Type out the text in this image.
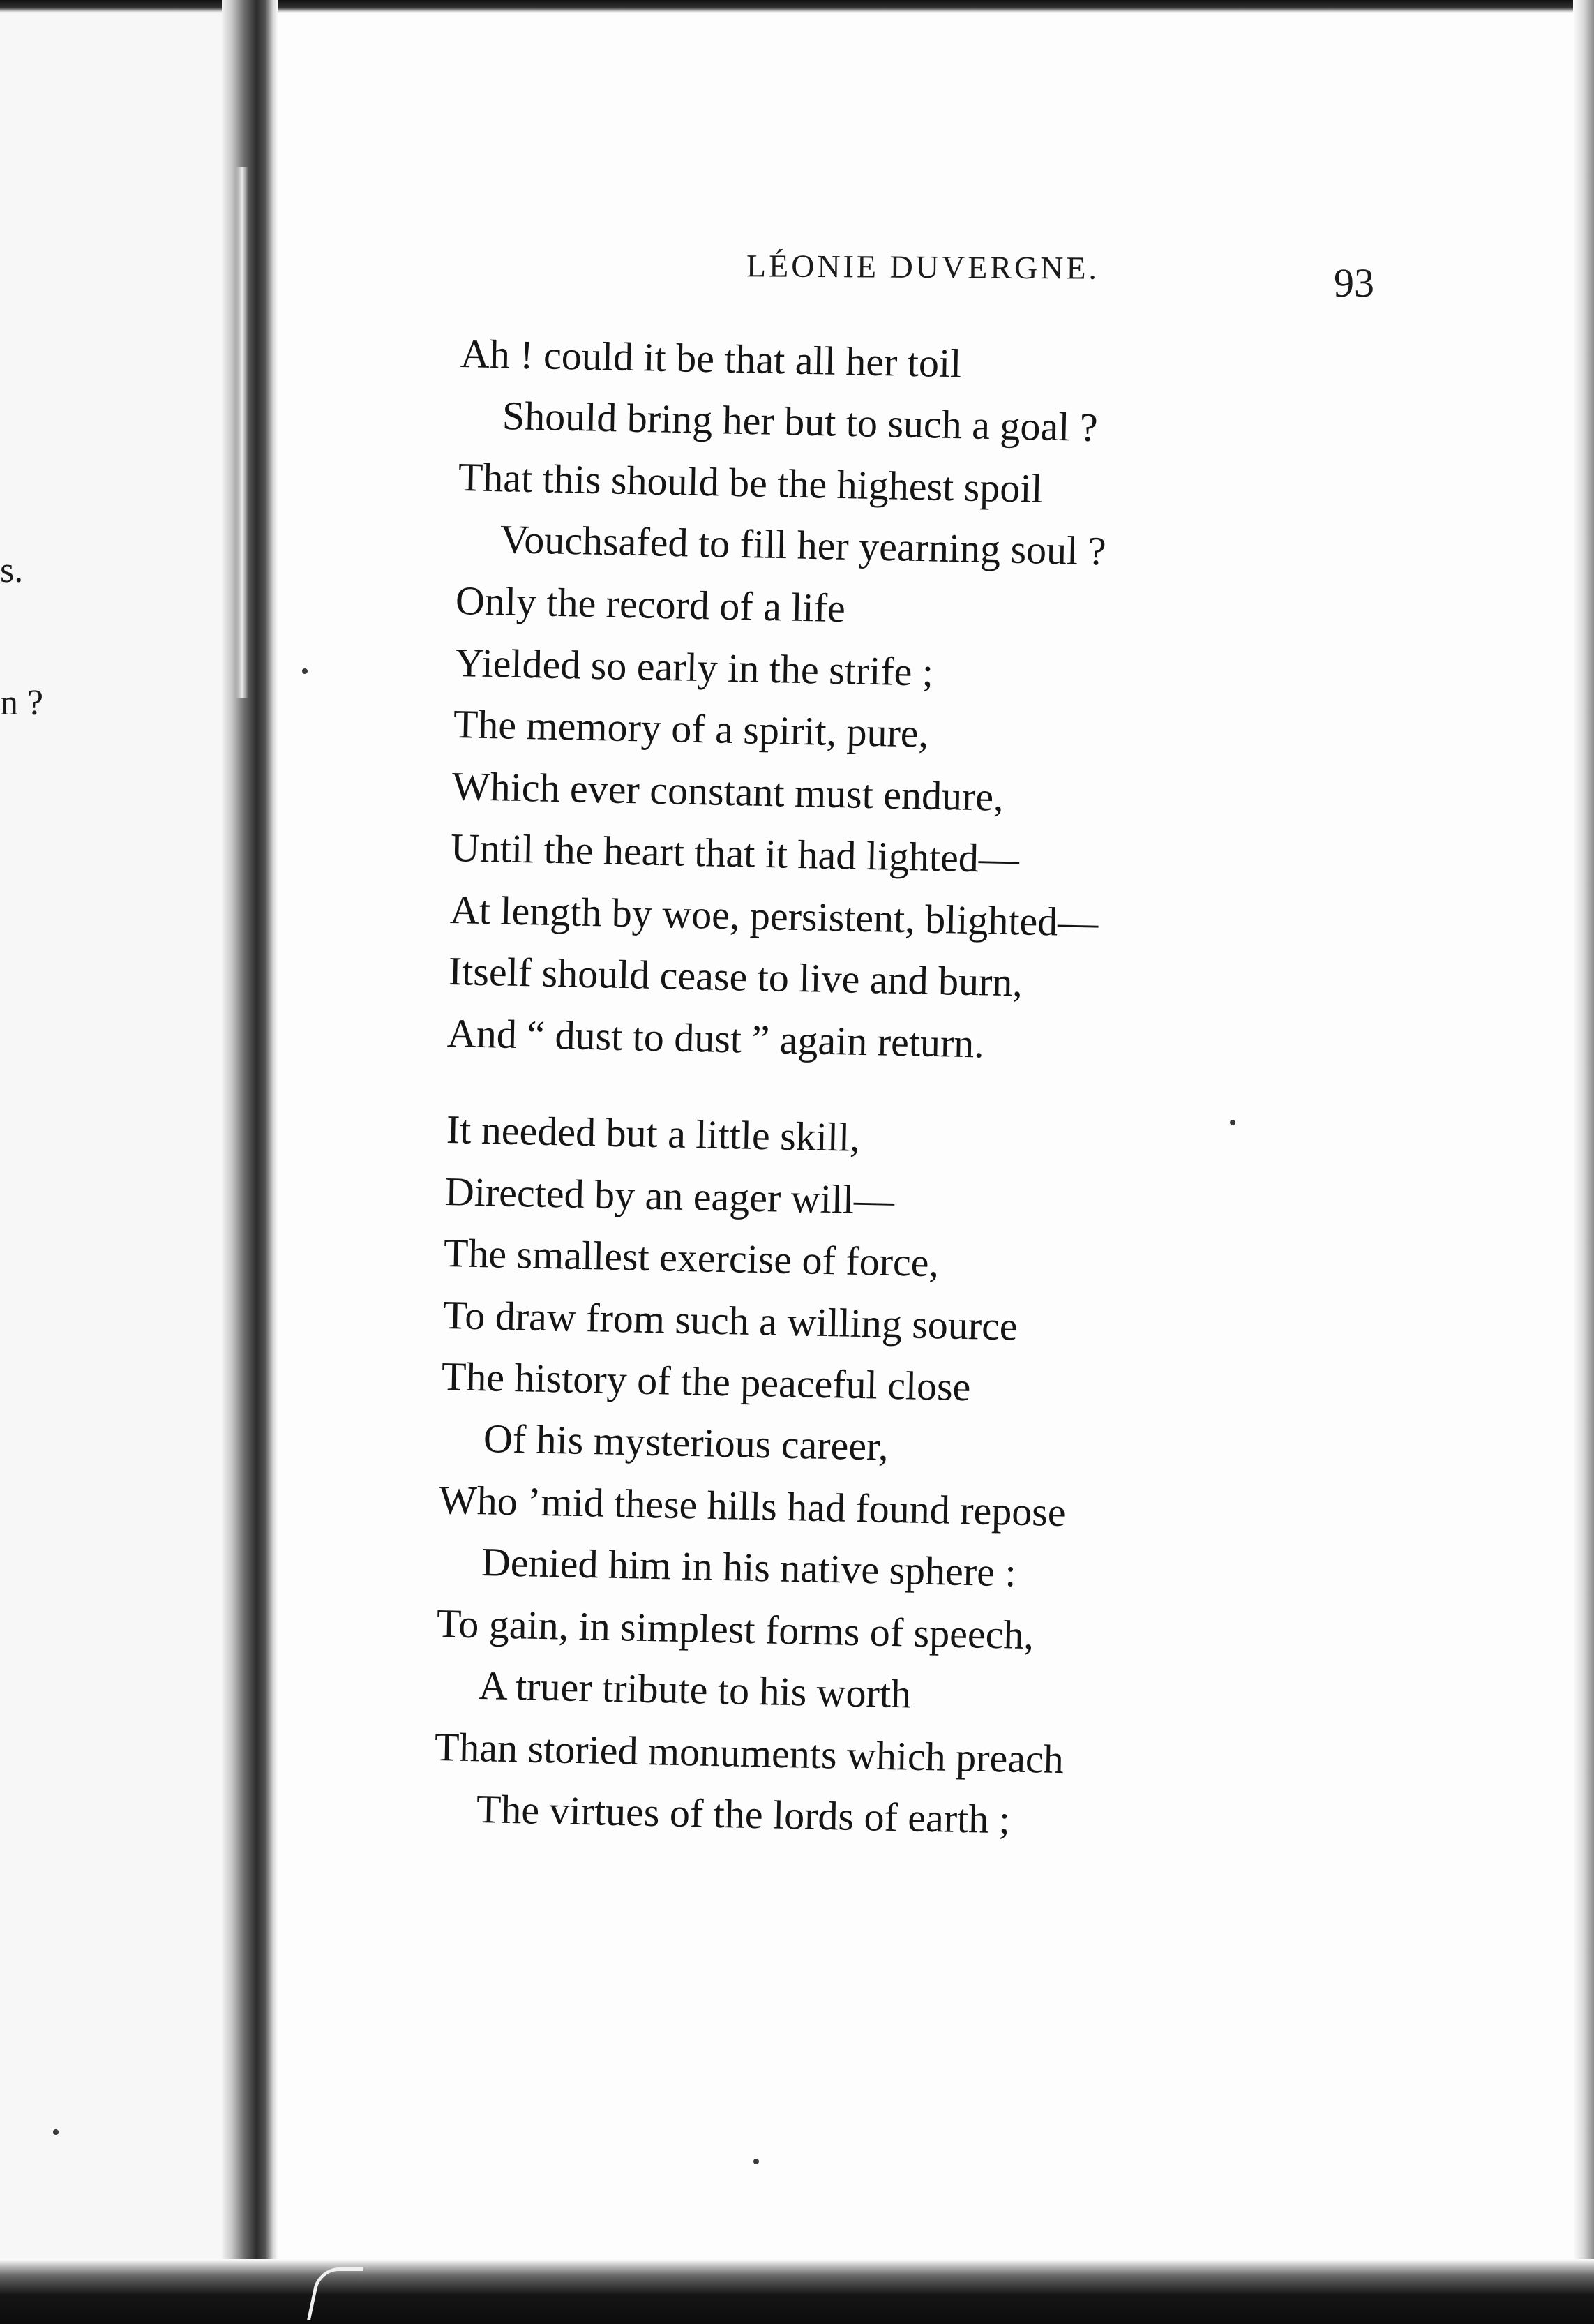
s.
n ?
LÉONIE DUVERGNE.	93
Ah ! could it be that all her toil
Should bring her but to such a goal ?
That this should be the highest spoil
Vouchsafed to fill her yearning soul ?
Only the record of a life
Yielded so early in the strife ;
The memory of a spirit, pure,
Which ever constant must endure,
Until the heart that it had lighted—
At length by woe, persistent, blighted—
Itself should cease to live and burn,
And “ dust to dust ” again return.
It needed but a little skill,
Directed by an eager will—
The smallest exercise of force,
To draw from such a willing source
The history of the peaceful close
Of his mysterious career,
Who ’mid these hills had found repose
Denied him in his native sphere :
To gain, in simplest forms of speech,
A truer tribute to his worth
Than storied monuments which preach
The virtues of the lords of earth ;
